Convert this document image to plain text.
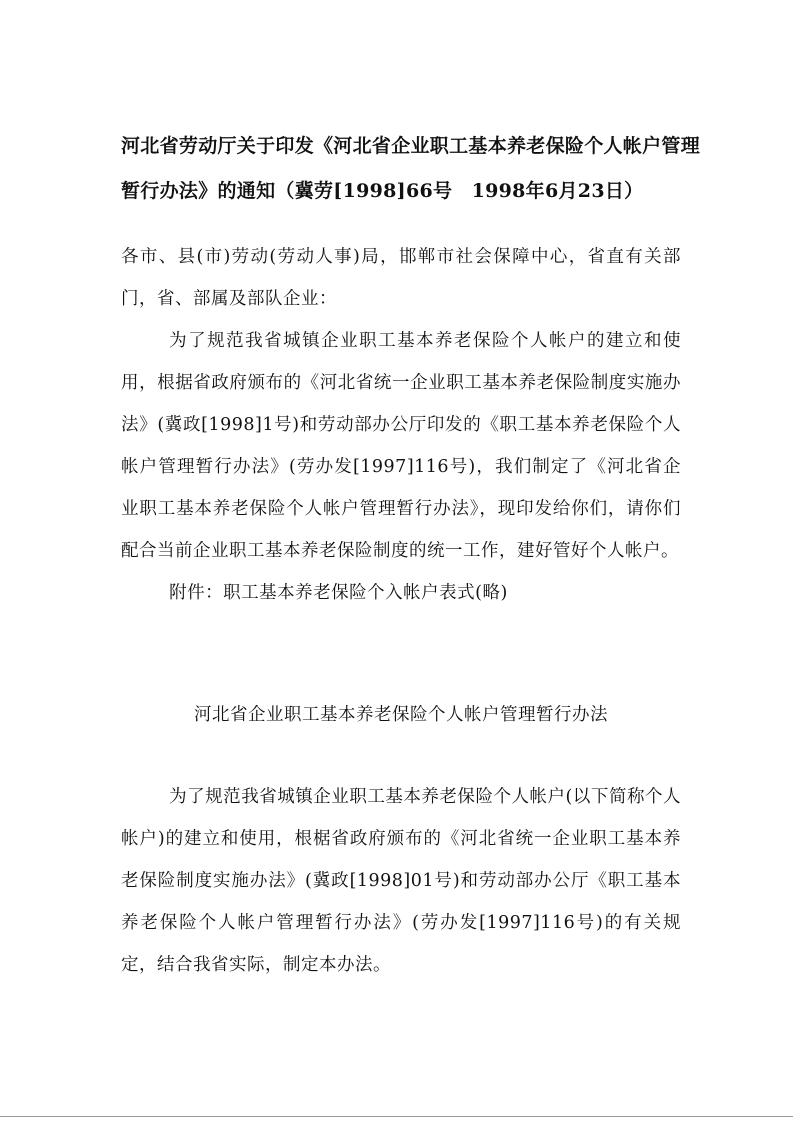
河北省劳动厅关于印发《河北省企业职工基本养老保险个人帐户管理
暂行办法》的通知（冀劳[1998]66号　1998年6月23日）

各市、县(市)劳动(劳动人事)局，邯郸市社会保障中心，省直有关部门，省、部属及部队企业：

为了规范我省城镇企业职工基本养老保险个人帐户的建立和使用，根据省政府颁布的《河北省统一企业职工基本养老保险制度实施办法》(冀政[1998]1号)和劳动部办公厅印发的《职工基本养老保险个人帐户管理暂行办法》(劳办发[1997]116号)，我们制定了《河北省企业职工基本养老保险个人帐户管理暂行办法》，现印发给你们，请你们配合当前企业职工基本养老保险制度的统一工作，建好管好个人帐户。

附件：职工基本养老保险个入帐户表式(略)

河北省企业职工基本养老保险个人帐户管理暂行办法

为了规范我省城镇企业职工基本养老保险个人帐户(以下简称个人帐户)的建立和使用，根椐省政府颁布的《河北省统一企业职工基本养老保险制度实施办法》(冀政[1998]01号)和劳动部办公厅《职工基本养老保险个人帐户管理暂行办法》(劳办发[1997]116号)的有关规定，结合我省实际，制定本办法。
